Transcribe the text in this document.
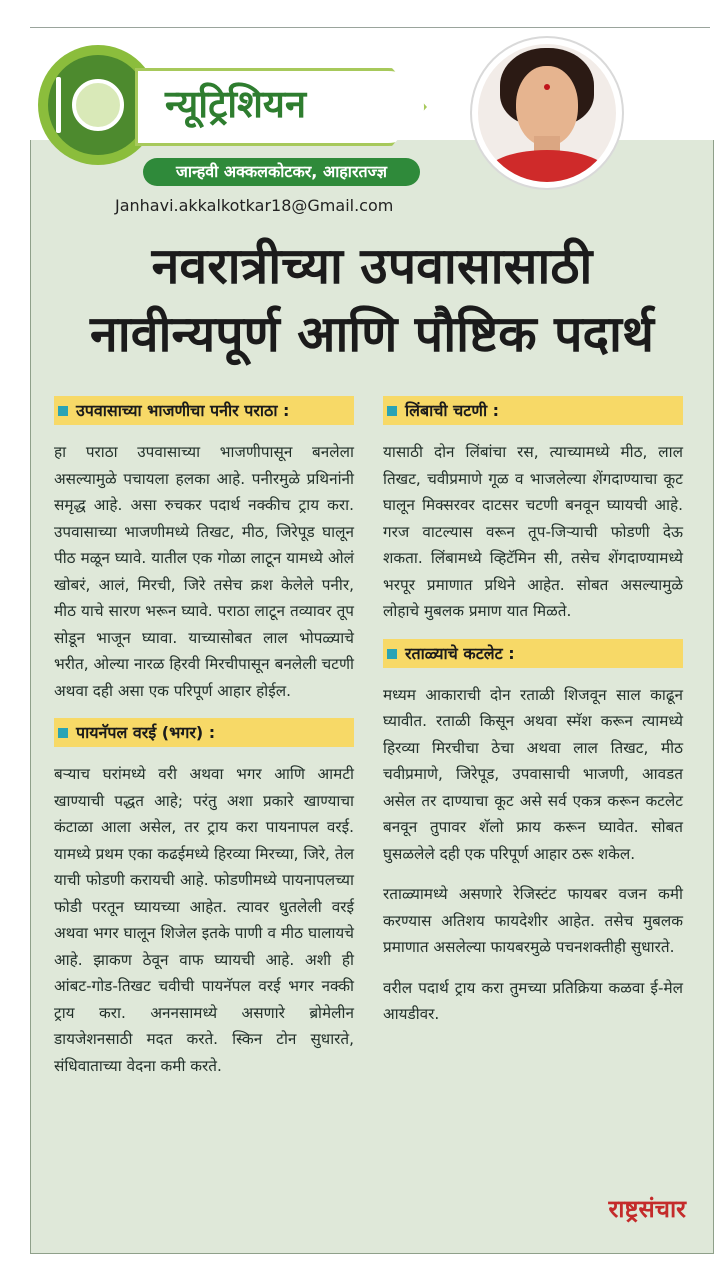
न्यूट्रिशियन
जान्हवी अक्कलकोटकर, आहारतज्ज्ञ
Janhavi.akkalkotkar18@Gmail.com
नवरात्रीच्या उपवासासाठी
नावीन्यपूर्ण आणि पौष्टिक पदार्थ
उपवासाच्या भाजणीचा पनीर पराठा :

हा पराठा उपवासाच्या भाजणीपासून बनलेला असल्यामुळे पचायला हलका आहे. पनीरमुळे प्रथिनांनी समृद्ध आहे. असा रुचकर पदार्थ नक्कीच ट्राय करा. उपवासाच्या भाजणीमध्ये तिखट, मीठ, जिरेपूड घालून पीठ मळून घ्यावे. यातील एक गोळा लाटून यामध्ये ओलं खोबरं, आलं, मिरची, जिरे तसेच क्रश केलेले पनीर, मीठ याचे सारण भरून घ्यावे. पराठा लाटून तव्यावर तूप सोडून भाजून घ्यावा. याच्यासोबत लाल भोपळ्याचे भरीत, ओल्या नारळ हिरवी मिरचीपासून बनलेली चटणी अथवा दही असा एक परिपूर्ण आहार होईल.

पायनॅपल वरई (भगर) :

बऱ्याच घरांमध्ये वरी अथवा भगर आणि आमटी खाण्याची पद्धत आहे; परंतु अशा प्रकारे खाण्याचा कंटाळा आला असेल, तर ट्राय करा पायनापल वरई. यामध्ये प्रथम एका कढईमध्ये हिरव्या मिरच्या, जिरे, तेल याची फोडणी करायची आहे. फोडणीमध्ये पायनापलच्या फोडी परतून घ्यायच्या आहेत. त्यावर धुतलेली वरई अथवा भगर घालून शिजेल इतके पाणी व मीठ घालायचे आहे. झाकण ठेवून वाफ घ्यायची आहे. अशी ही आंबट-गोड-तिखट चवीची पायनॅपल वरई भगर नक्की ट्राय करा. अननसामध्ये असणारे ब्रोमेलीन डायजेशनसाठी मदत करते. स्किन टोन सुधारते, संधिवाताच्या वेदना कमी करते.

लिंबाची चटणी :

यासाठी दोन लिंबांचा रस, त्याच्यामध्ये मीठ, लाल तिखट, चवीप्रमाणे गूळ व भाजलेल्या शेंगदाण्याचा कूट घालून मिक्सरवर दाटसर चटणी बनवून घ्यायची आहे. गरज वाटल्यास वरून तूप-जिऱ्याची फोडणी देऊ शकता. लिंबामध्ये व्हिटॅमिन सी, तसेच शेंगदाण्यामध्ये भरपूर प्रमाणात प्रथिने आहेत. सोबत असल्यामुळे लोहाचे मुबलक प्रमाण यात मिळते.

रताळ्याचे कटलेट :

मध्यम आकाराची दोन रताळी शिजवून साल काढून घ्यावीत. रताळी किसून अथवा स्मॅश करून त्यामध्ये हिरव्या मिरचीचा ठेचा अथवा लाल तिखट, मीठ चवीप्रमाणे, जिरेपूड, उपवासाची भाजणी, आवडत असेल तर दाण्याचा कूट असे सर्व एकत्र करून कटलेट बनवून तुपावर शॅलो फ्राय करून घ्यावेत. सोबत घुसळलेले दही एक परिपूर्ण आहार ठरू शकेल.

रताळ्यामध्ये असणारे रेजिस्टंट फायबर वजन कमी करण्यास अतिशय फायदेशीर आहेत. तसेच मुबलक प्रमाणात असलेल्या फायबरमुळे पचनशक्तीही सुधारते.

वरील पदार्थ ट्राय करा तुमच्या प्रतिक्रिया कळवा ई-मेल आयडीवर.

राष्ट्रसंचार
